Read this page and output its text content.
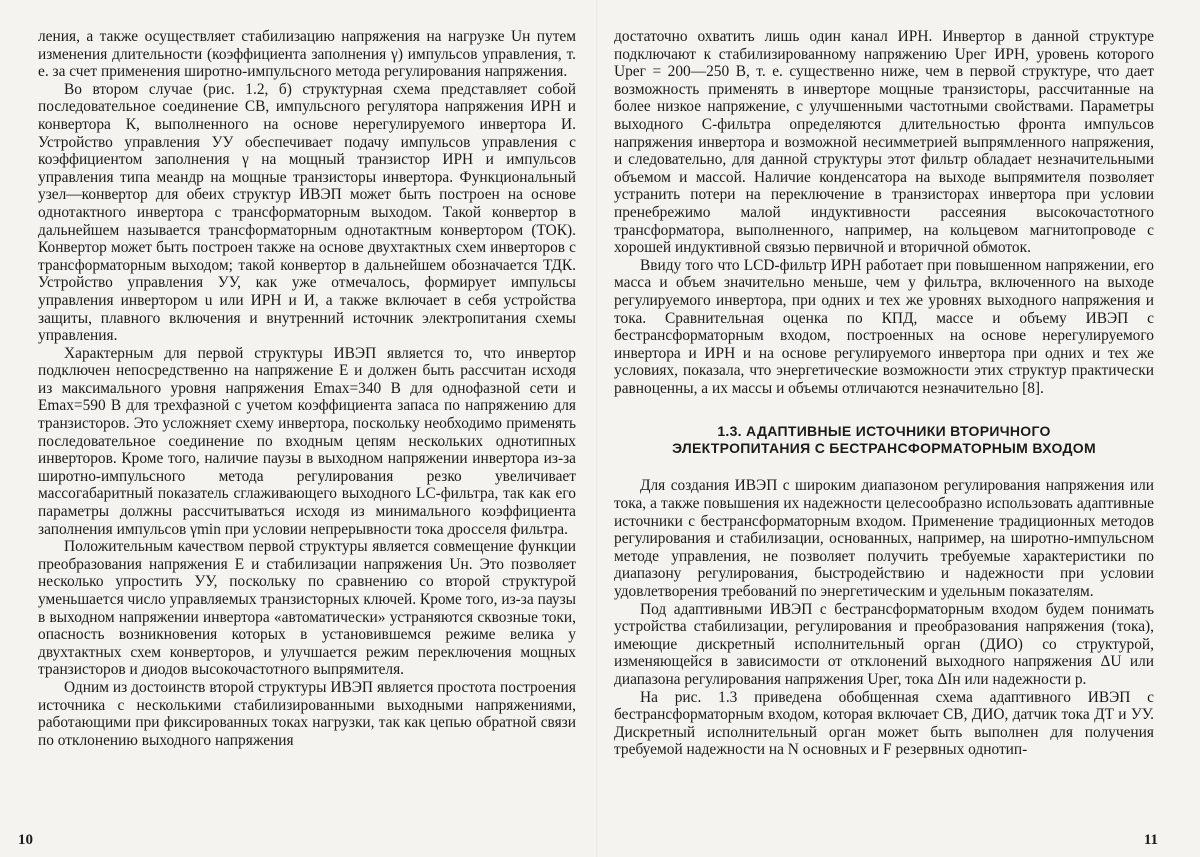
ления, а также осуществляет стабилизацию напряжения на нагрузке Uн путем изменения длительности (коэффициента заполнения γ) импульсов управления, т. е. за счет применения широтно-импульсного метода регулирования напряжения.

Во втором случае (рис. 1.2, б) структурная схема представляет собой последовательное соединение СВ, импульсного регулятора напряжения ИРН и конвертора К, выполненного на основе нерегулируемого инвертора И. Устройство управления УУ обеспечивает подачу импульсов управления с коэффициентом заполнения γ на мощный транзистор ИРН и импульсов управления типа меандр на мощные транзисторы инвертора. Функциональный узел—конвертор для обеих структур ИВЭП может быть построен на основе однотактного инвертора с трансформаторным выходом. Такой конвертор в дальнейшем называется трансформаторным однотактным конвертором (ТОК). Конвертор может быть построен также на основе двухтактных схем инверторов с трансформаторным выходом; такой конвертор в дальнейшем обозначается ТДК. Устройство управления УУ, как уже отмечалось, формирует импульсы управления инвертором u или ИРН и И, а также включает в себя устройства защиты, плавного включения и внутренний источник электропитания схемы управления.

Характерным для первой структуры ИВЭП является то, что инвертор подключен непосредственно на напряжение E и должен быть рассчитан исходя из максимального уровня напряжения Emax=340 В для однофазной сети и Emax=590 В для трехфазной с учетом коэффициента запаса по напряжению для транзисторов. Это усложняет схему инвертора, поскольку необходимо применять последовательное соединение по входным цепям нескольких однотипных инверторов. Кроме того, наличие паузы в выходном напряжении инвертора из-за широтно-импульсного метода регулирования резко увеличивает массогабаритный показатель сглаживающего выходного LC-фильтра, так как его параметры должны рассчитываться исходя из минимального коэффициента заполнения импульсов γmin при условии непрерывности тока дросселя фильтра.

Положительным качеством первой структуры является совмещение функции преобразования напряжения E и стабилизации напряжения Uн. Это позволяет несколько упростить УУ, поскольку по сравнению со второй структурой уменьшается число управляемых транзисторных ключей. Кроме того, из-за паузы в выходном напряжении инвертора «автоматически» устраняются сквозные токи, опасность возникновения которых в установившемся режиме велика у двухтактных схем конверторов, и улучшается режим переключения мощных транзисторов и диодов высокочастотного выпрямителя.

Одним из достоинств второй структуры ИВЭП является простота построения источника с несколькими стабилизированными выходными напряжениями, работающими при фиксированных токах нагрузки, так как цепью обратной связи по отклонению выходного напряжения

10

достаточно охватить лишь один канал ИРН. Инвертор в данной структуре подключают к стабилизированному напряжению Uрег ИРН, уровень которого Uрег = 200—250 В, т. е. существенно ниже, чем в первой структуре, что дает возможность применять в инверторе мощные транзисторы, рассчитанные на более низкое напряжение, с улучшенными частотными свойствами. Параметры выходного C-фильтра определяются длительностью фронта импульсов напряжения инвертора и возможной несимметрией выпрямленного напряжения, и следовательно, для данной структуры этот фильтр обладает незначительными объемом и массой. Наличие конденсатора на выходе выпрямителя позволяет устранить потери на переключение в транзисторах инвертора при условии пренебрежимо малой индуктивности рассеяния высокочастотного трансформатора, выполненного, например, на кольцевом магнитопроводе с хорошей индуктивной связью первичной и вторичной обмоток.

Ввиду того что LCD-фильтр ИРН работает при повышенном напряжении, его масса и объем значительно меньше, чем у фильтра, включенного на выходе регулируемого инвертора, при одних и тех же уровнях выходного напряжения и тока. Сравнительная оценка по КПД, массе и объему ИВЭП с бестрансформаторным входом, построенных на основе нерегулируемого инвертора и ИРН и на основе регулируемого инвертора при одних и тех же условиях, показала, что энергетические возможности этих структур практически равноценны, а их массы и объемы отличаются незначительно [8].

1.3. АДАПТИВНЫЕ ИСТОЧНИКИ ВТОРИЧНОГО
ЭЛЕКТРОПИТАНИЯ С БЕСТРАНСФОРМАТОРНЫМ ВХОДОМ

Для создания ИВЭП с широким диапазоном регулирования напряжения или тока, а также повышения их надежности целесообразно использовать адаптивные источники с бестрансформаторным входом. Применение традиционных методов регулирования и стабилизации, основанных, например, на широтно-импульсном методе управления, не позволяет получить требуемые характеристики по диапазону регулирования, быстродействию и надежности при условии удовлетворения требований по энергетическим и удельным показателям.

Под адаптивными ИВЭП с бестрансформаторным входом будем понимать устройства стабилизации, регулирования и преобразования напряжения (тока), имеющие дискретный исполнительный орган (ДИО) со структурой, изменяющейся в зависимости от отклонений выходного напряжения ΔU или диапазона регулирования напряжения Uрег, тока ΔIн или надежности p.

На рис. 1.3 приведена обобщенная схема адаптивного ИВЭП с бестрансформаторным входом, которая включает СВ, ДИО, датчик тока ДТ и УУ. Дискретный исполнительный орган может быть выполнен для получения требуемой надежности на N основных и F резервных однотип-

11
